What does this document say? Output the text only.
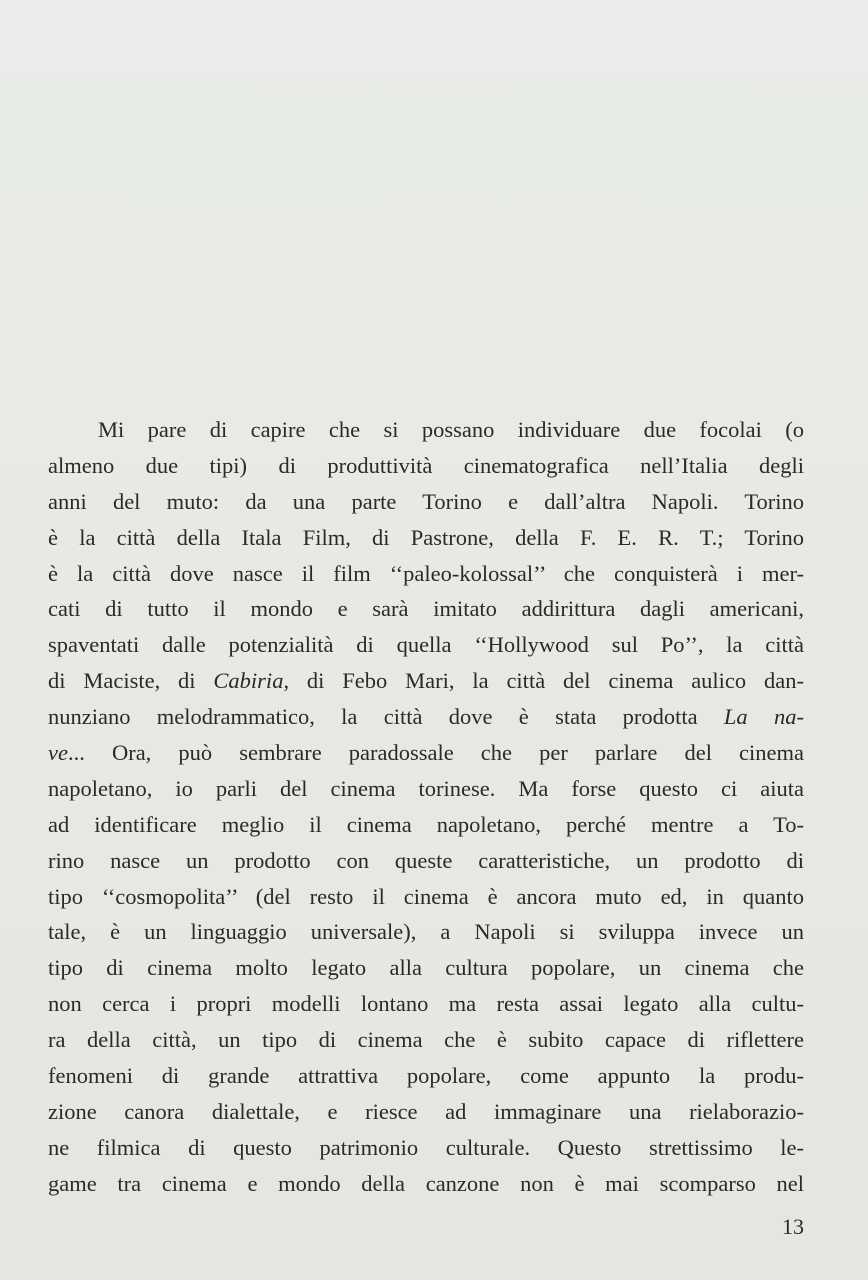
Mi pare di capire che si possano individuare due focolai (o
almeno due tipi) di produttività cinematografica nell’Italia degli
anni del muto: da una parte Torino e dall’altra Napoli. Torino
è la città della Itala Film, di Pastrone, della F. E. R. T.; Torino
è la città dove nasce il film ‘‘paleo-kolossal’’ che conquisterà i mer-
cati di tutto il mondo e sarà imitato addirittura dagli americani,
spaventati dalle potenzialità di quella ‘‘Hollywood sul Po’’, la città
di Maciste, di Cabiria, di Febo Mari, la città del cinema aulico dan-
nunziano melodrammatico, la città dove è stata prodotta La na-
ve... Ora, può sembrare paradossale che per parlare del cinema
napoletano, io parli del cinema torinese. Ma forse questo ci aiuta
ad identificare meglio il cinema napoletano, perché mentre a To-
rino nasce un prodotto con queste caratteristiche, un prodotto di
tipo ‘‘cosmopolita’’ (del resto il cinema è ancora muto ed, in quanto
tale, è un linguaggio universale), a Napoli si sviluppa invece un
tipo di cinema molto legato alla cultura popolare, un cinema che
non cerca i propri modelli lontano ma resta assai legato alla cultu-
ra della città, un tipo di cinema che è subito capace di riflettere
fenomeni di grande attrattiva popolare, come appunto la produ-
zione canora dialettale, e riesce ad immaginare una rielaborazio-
ne filmica di questo patrimonio culturale. Questo strettissimo le-
game tra cinema e mondo della canzone non è mai scomparso nel
13
